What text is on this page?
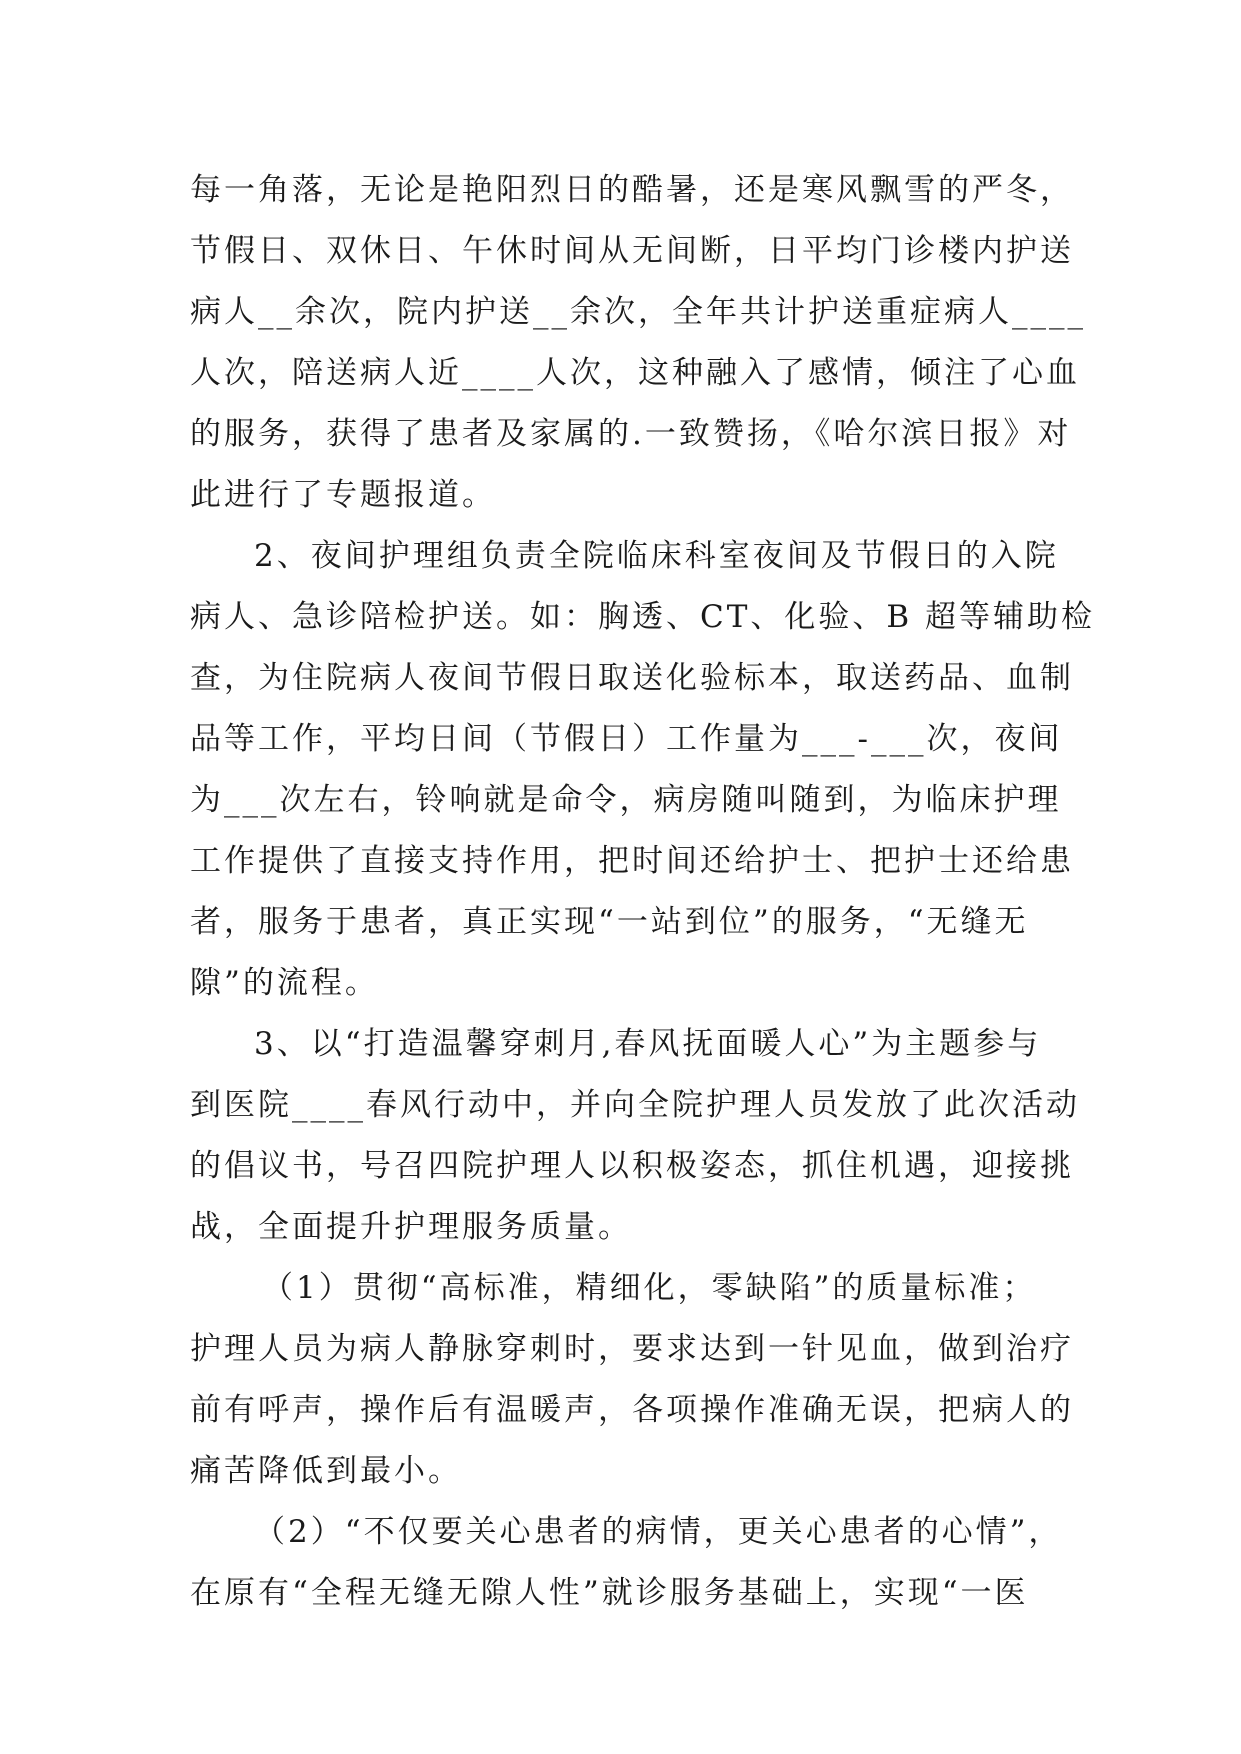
每一角落，无论是艳阳烈日的酷暑，还是寒风飘雪的严冬，
节假日、双休日、午休时间从无间断，日平均门诊楼内护送
病人__余次，院内护送__余次，全年共计护送重症病人____
人次，陪送病人近____人次，这种融入了感情，倾注了心血
的服务，获得了患者及家属的.一致赞扬，《哈尔滨日报》对
此进行了专题报道。
2、夜间护理组负责全院临床科室夜间及节假日的入院
病人、急诊陪检护送。如：胸透、CT、化验、B 超等辅助检
查，为住院病人夜间节假日取送化验标本，取送药品、血制
品等工作，平均日间（节假日）工作量为___-___次，夜间
为___次左右，铃响就是命令，病房随叫随到，为临床护理
工作提供了直接支持作用，把时间还给护士、把护士还给患
者，服务于患者，真正实现“一站到位”的服务，“无缝无
隙”的流程。
3、以“打造温馨穿刺月,春风抚面暖人心”为主题参与
到医院____春风行动中，并向全院护理人员发放了此次活动
的倡议书，号召四院护理人以积极姿态，抓住机遇，迎接挑
战，全面提升护理服务质量。
（1）贯彻“高标准，精细化，零缺陷”的质量标准；
护理人员为病人静脉穿刺时，要求达到一针见血，做到治疗
前有呼声，操作后有温暖声，各项操作准确无误，把病人的
痛苦降低到最小。
（2）“不仅要关心患者的病情，更关心患者的心情”，
在原有“全程无缝无隙人性”就诊服务基础上，实现“一医
